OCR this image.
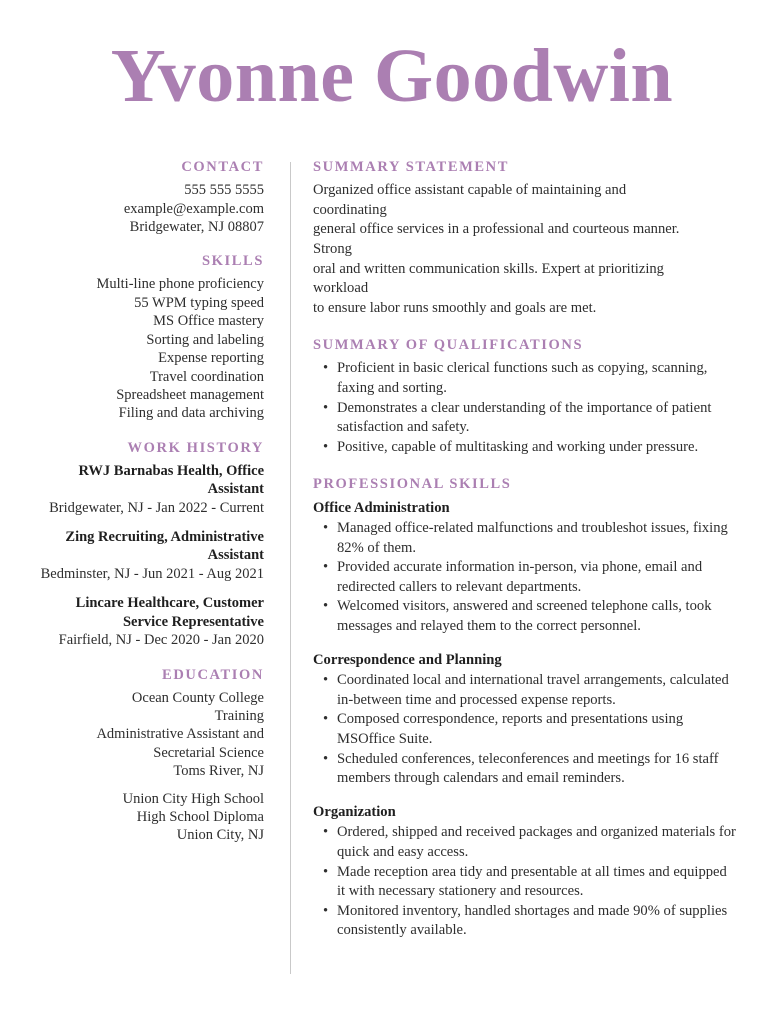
Yvonne Goodwin
CONTACT
555 555 5555
example@example.com
Bridgewater, NJ 08807
SKILLS
Multi-line phone proficiency
55 WPM typing speed
MS Office mastery
Sorting and labeling
Expense reporting
Travel coordination
Spreadsheet management
Filing and data archiving
WORK HISTORY
RWJ Barnabas Health, Office Assistant
Bridgewater, NJ - Jan 2022 - Current
Zing Recruiting, Administrative Assistant
Bedminster, NJ - Jun 2021 - Aug 2021
Lincare Healthcare, Customer Service Representative
Fairfield, NJ - Dec 2020 - Jan 2020
EDUCATION
Ocean County College
Training
Administrative Assistant and
Secretarial Science
Toms River, NJ
Union City High School
High School Diploma
Union City, NJ
SUMMARY STATEMENT
Organized office assistant capable of maintaining and
coordinating
general office services in a professional and courteous manner.
Strong
oral and written communication skills. Expert at prioritizing
workload
to ensure labor runs smoothly and goals are met.
SUMMARY OF QUALIFICATIONS
• Proficient in basic clerical functions such as copying, scanning, faxing and sorting.
• Demonstrates a clear understanding of the importance of patient satisfaction and safety.
• Positive, capable of multitasking and working under pressure.
PROFESSIONAL SKILLS
Office Administration
• Managed office-related malfunctions and troubleshot issues, fixing 82% of them.
• Provided accurate information in-person, via phone, email and redirected callers to relevant departments.
• Welcomed visitors, answered and screened telephone calls, took messages and relayed them to the correct personnel.
Correspondence and Planning
• Coordinated local and international travel arrangements, calculated in-between time and processed expense reports.
• Composed correspondence, reports and presentations using MSOffice Suite.
• Scheduled conferences, teleconferences and meetings for 16 staff members through calendars and email reminders.
Organization
• Ordered, shipped and received packages and organized materials for quick and easy access.
• Made reception area tidy and presentable at all times and equipped it with necessary stationery and resources.
• Monitored inventory, handled shortages and made 90% of supplies consistently available.
